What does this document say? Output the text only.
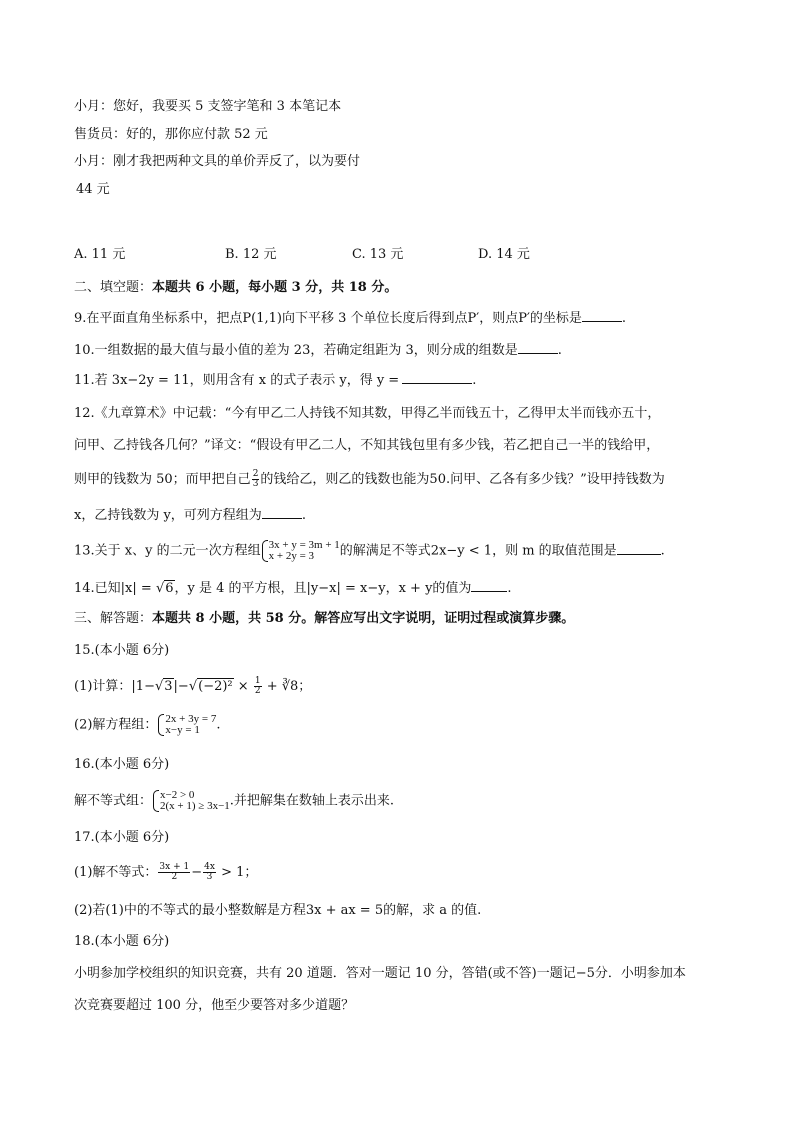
小月：您好，我要买 5 支签字笔和 3 本笔记本
售货员：好的，那你应付款 52 元
小月：刚才我把两种文具的单价弄反了，以为要付
44 元
A. 11 元	B. 12 元	C. 13 元	D. 14 元
二、填空题：本题共 6 小题，每小题 3 分，共 18 分。
9.在平面直角坐标系中，把点P(1,1)向下平移 3 个单位长度后得到点P′，则点P′的坐标是	.
10.一组数据的最大值与最小值的差为 23，若确定组距为 3，则分成的组数是	.
11.若 3x−2y = 11，则用含有 x 的式子表示 y，得 y =	.
12.《九章算术》中记载：“今有甲乙二人持钱不知其数，甲得乙半而钱五十，乙得甲太半而钱亦五十，
问甲、乙持钱各几何？”译文：“假设有甲乙二人，不知其钱包里有多少钱，若乙把自己一半的钱给甲，
则甲的钱数为 50；而甲把自己 $\frac{2}{3}$ 的钱给乙，则乙的钱数也能为50.问甲、乙各有多少钱？”设甲持钱数为
x，乙持钱数为 y，可列方程组为	.
13.关于 x、y 的二元一次方程组 3x + y = 3m + 1
x + 2y = 3	的解满足不等式2x−y < 1，则 m 的取值范围是	.
14.已知|x| = √6，y 是 4 的平方根，且|y−x| = x−y，x + y的值为	.
三、解答题：本题共 8 小题，共 58 分。解答应写出文字说明，证明过程或演算步骤。
15.(本小题 6分)
(1)计算：$|1-√3|-√(-2)^2 \times \frac{1}{2}$ + ∛8；
(2)解方程组： 2x + 3y = 7
x−y = 1	.
16.(本小题 6分)
解不等式组： x−2 > 0
2(x + 1) ≥ 3x−1 .并把解集在数轴上表示出来.
17.(本小题 6分)
(1)解不等式： $\frac{3x + 1}{2} - \frac{4x}{3} > 1$；
(2)若(1)中的不等式的最小整数解是方程3x + ax = 5的解，求 a 的值.
18.(本小题 6分)
小明参加学校组织的知识竞赛，共有 20 道题．答对一题记 10 分，答错(或不答)一题记−5分．小明参加本
次竞赛要超过 100 分，他至少要答对多少道题？
